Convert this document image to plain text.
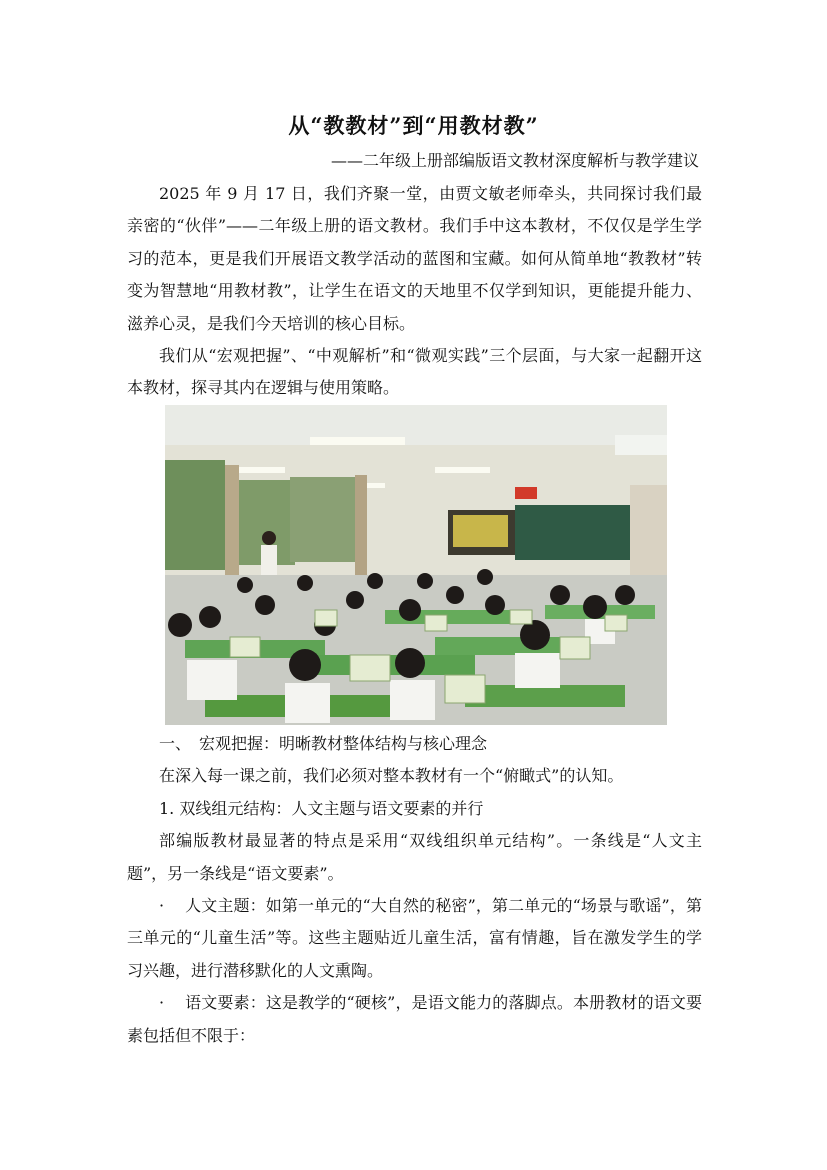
从“教教材”到“用教材教”
——二年级上册部编版语文教材深度解析与教学建议

2025 年 9 月 17 日，我们齐聚一堂，由贾文敏老师牵头，共同探讨我们最亲密的“伙伴”——二年级上册的语文教材。我们手中这本教材，不仅仅是学生学习的范本，更是我们开展语文教学活动的蓝图和宝藏。如何从简单地“教教材”转变为智慧地“用教材教”，让学生在语文的天地里不仅学到知识，更能提升能力、滋养心灵，是我们今天培训的核心目标。

我们从“宏观把握”、“中观解析”和“微观实践”三个层面，与大家一起翻开这本教材，探寻其内在逻辑与使用策略。

一、　宏观把握：明晰教材整体结构与核心理念

在深入每一课之前，我们必须对整本教材有一个“俯瞰式”的认知。

1. 双线组元结构：人文主题与语文要素的并行

部编版教材最显著的特点是采用“双线组织单元结构”。一条线是“人文主题”，另一条线是“语文要素”。

· 人文主题：如第一单元的“大自然的秘密”，第二单元的“场景与歌谣”，第三单元的“儿童生活”等。这些主题贴近儿童生活，富有情趣，旨在激发学生的学习兴趣，进行潜移默化的人文熏陶。

· 语文要素：这是教学的“硬核”，是语文能力的落脚点。本册教材的语文要素包括但不限于：
